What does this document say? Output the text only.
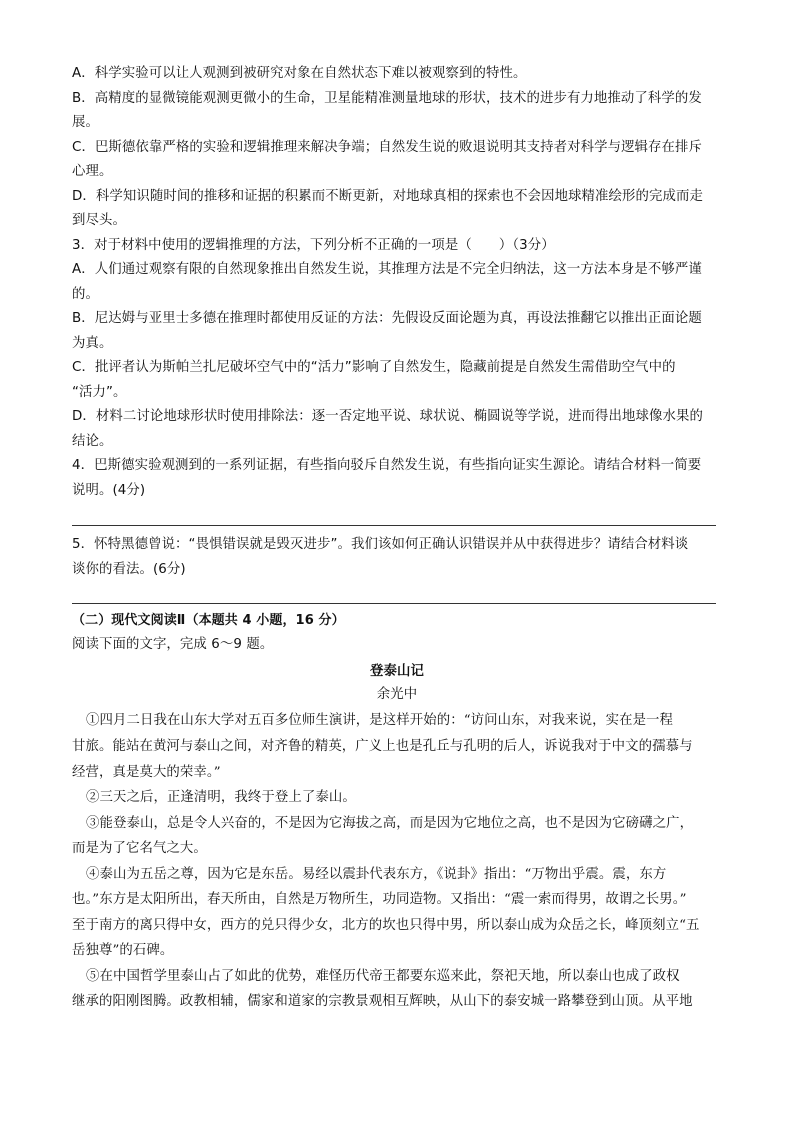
A．科学实验可以让人观测到被研究对象在自然状态下难以被观察到的特性。
B．高精度的显微镜能观测更微小的生命，卫星能精准测量地球的形状，技术的进步有力地推动了科学的发
展。
C．巴斯德依靠严格的实验和逻辑推理来解决争端；自然发生说的败退说明其支持者对科学与逻辑存在排斥
心理。
D．科学知识随时间的推移和证据的积累而不断更新，对地球真相的探索也不会因地球精准绘形的完成而走
到尽头。
3．对于材料中使用的逻辑推理的方法，下列分析不正确的一项是（　　）（3分）
A．人们通过观察有限的自然现象推出自然发生说，其推理方法是不完全归纳法，这一方法本身是不够严谨
的。
B．尼达姆与亚里士多德在推理时都使用反证的方法：先假设反面论题为真，再设法推翻它以推出正面论题
为真。
C．批评者认为斯帕兰扎尼破坏空气中的“活力”影响了自然发生，隐藏前提是自然发生需借助空气中的
“活力”。
D．材料二讨论地球形状时使用排除法：逐一否定地平说、球状说、椭圆说等学说，进而得出地球像水果的
结论。
4．巴斯德实验观测到的一系列证据，有些指向驳斥自然发生说，有些指向证实生源论。请结合材料一简要
说明。(4分)
5．怀特黑德曾说：“畏惧错误就是毁灭进步”。我们该如何正确认识错误并从中获得进步？请结合材料谈
谈你的看法。(6分)
（二）现代文阅读Ⅱ（本题共 4 小题，16 分）
阅读下面的文字，完成 6～9 题。
登泰山记
余光中
①四月二日我在山东大学对五百多位师生演讲，是这样开始的：“访问山东，对我来说，实在是一程
甘旅。能站在黄河与泰山之间，对齐鲁的精英，广义上也是孔丘与孔明的后人，诉说我对于中文的孺慕与
经营，真是莫大的荣幸。”
②三天之后，正逢清明，我终于登上了泰山。
③能登泰山，总是令人兴奋的，不是因为它海拔之高，而是因为它地位之高，也不是因为它磅礴之广，
而是为了它名气之大。
④泰山为五岳之尊，因为它是东岳。易经以震卦代表东方，《说卦》指出：“万物出乎震。震，东方
也。”东方是太阳所出，春天所由，自然是万物所生，功同造物。又指出：“震一索而得男，故谓之长男。”
至于南方的离只得中女，西方的兑只得少女，北方的坎也只得中男，所以泰山成为众岳之长，峰顶刻立“五
岳独尊”的石碑。
⑤在中国哲学里泰山占了如此的优势，难怪历代帝王都要东巡来此，祭祀天地，所以泰山也成了政权
继承的阳刚图腾。政教相辅，儒家和道家的宗教景观相互辉映，从山下的泰安城一路攀登到山顶。从平地
